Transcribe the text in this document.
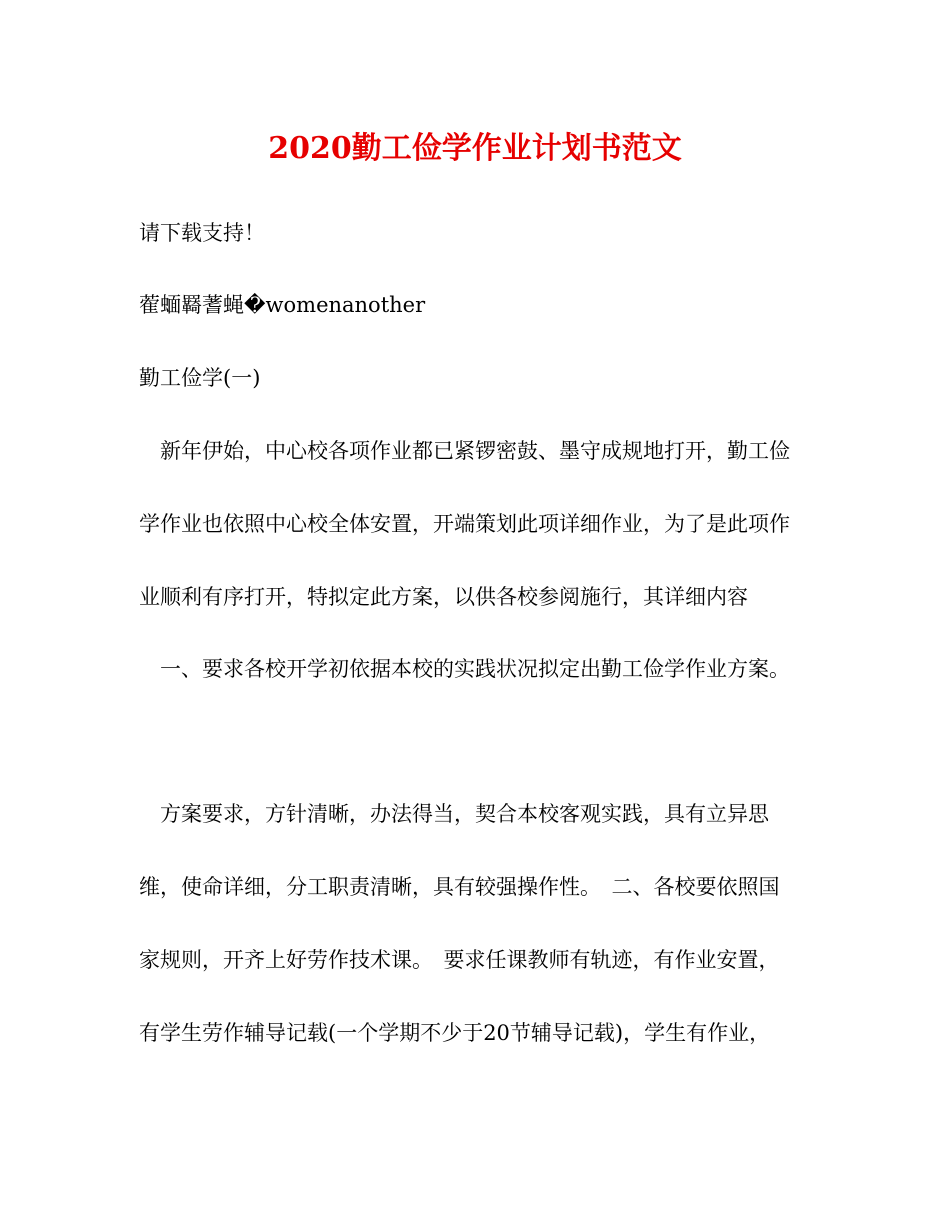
2020勤工俭学作业计划书范文

请下载支持！

蒮蝒羇蓍蝇�womenanother

勤工俭学(一)

新年伊始，中心校各项作业都已紧锣密鼓、墨守成规地打开，勤工俭

学作业也依照中心校全体安置，开端策划此项详细作业，为了是此项作

业顺利有序打开，特拟定此方案，以供各校参阅施行，其详细内容

一、要求各校开学初依据本校的实践状况拟定出勤工俭学作业方案。

方案要求，方针清晰，办法得当，契合本校客观实践，具有立异思

维，使命详细，分工职责清晰，具有较强操作性。　二、各校要依照国

家规则，开齐上好劳作技术课。　要求任课教师有轨迹，有作业安置，

有学生劳作辅导记载(一个学期不少于20节辅导记载)，学生有作业，
